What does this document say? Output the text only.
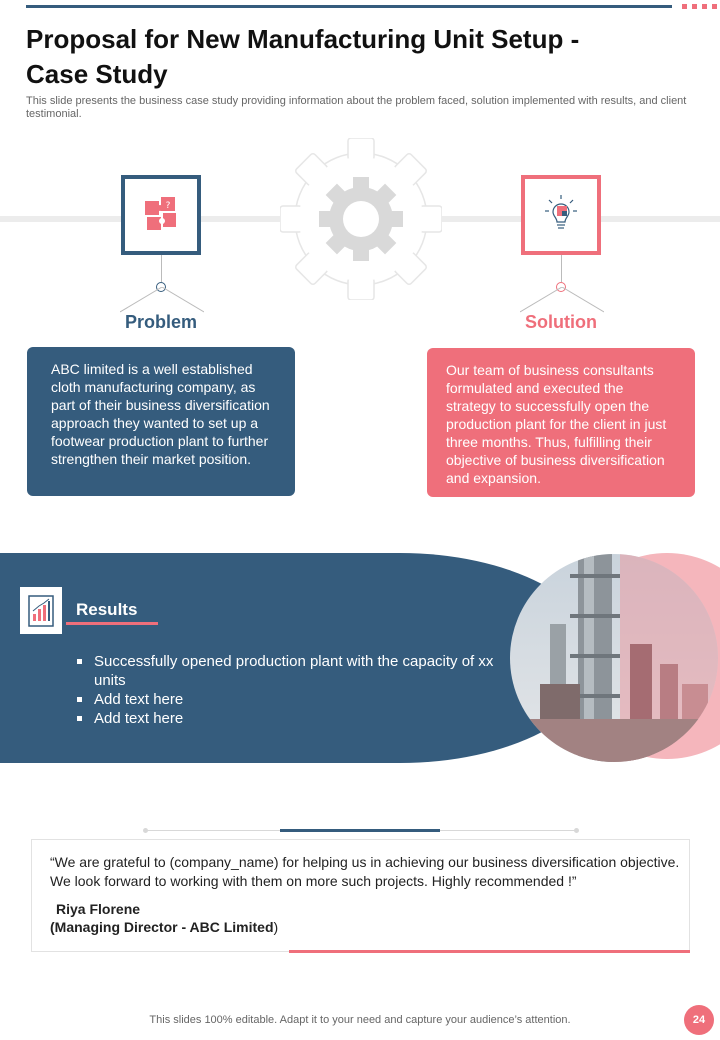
Proposal for New Manufacturing Unit Setup - Case Study

This slide presents the business case study providing information about the problem faced, solution implemented with results, and client testimonial.

?
Problem
ABC limited is a well established cloth manufacturing company, as part of their business diversification approach they wanted to set up a footwear production plant to further strengthen their market position.
Solution
Our team of business consultants formulated and executed the strategy to successfully open the production plant for the client in just three months. Thus, fulfilling their objective of business diversification and expansion.
Results
Successfully opened production plant with the capacity of xx units
Add text here
Add text here

“We are grateful to (company_name) for helping us in achieving our business diversification objective. We look forward to working with them on more such projects. Highly recommended !”

Riya Florene
(Managing Director - ABC Limited)
This slides 100% editable. Adapt it to your need and capture your audience’s attention.	24
